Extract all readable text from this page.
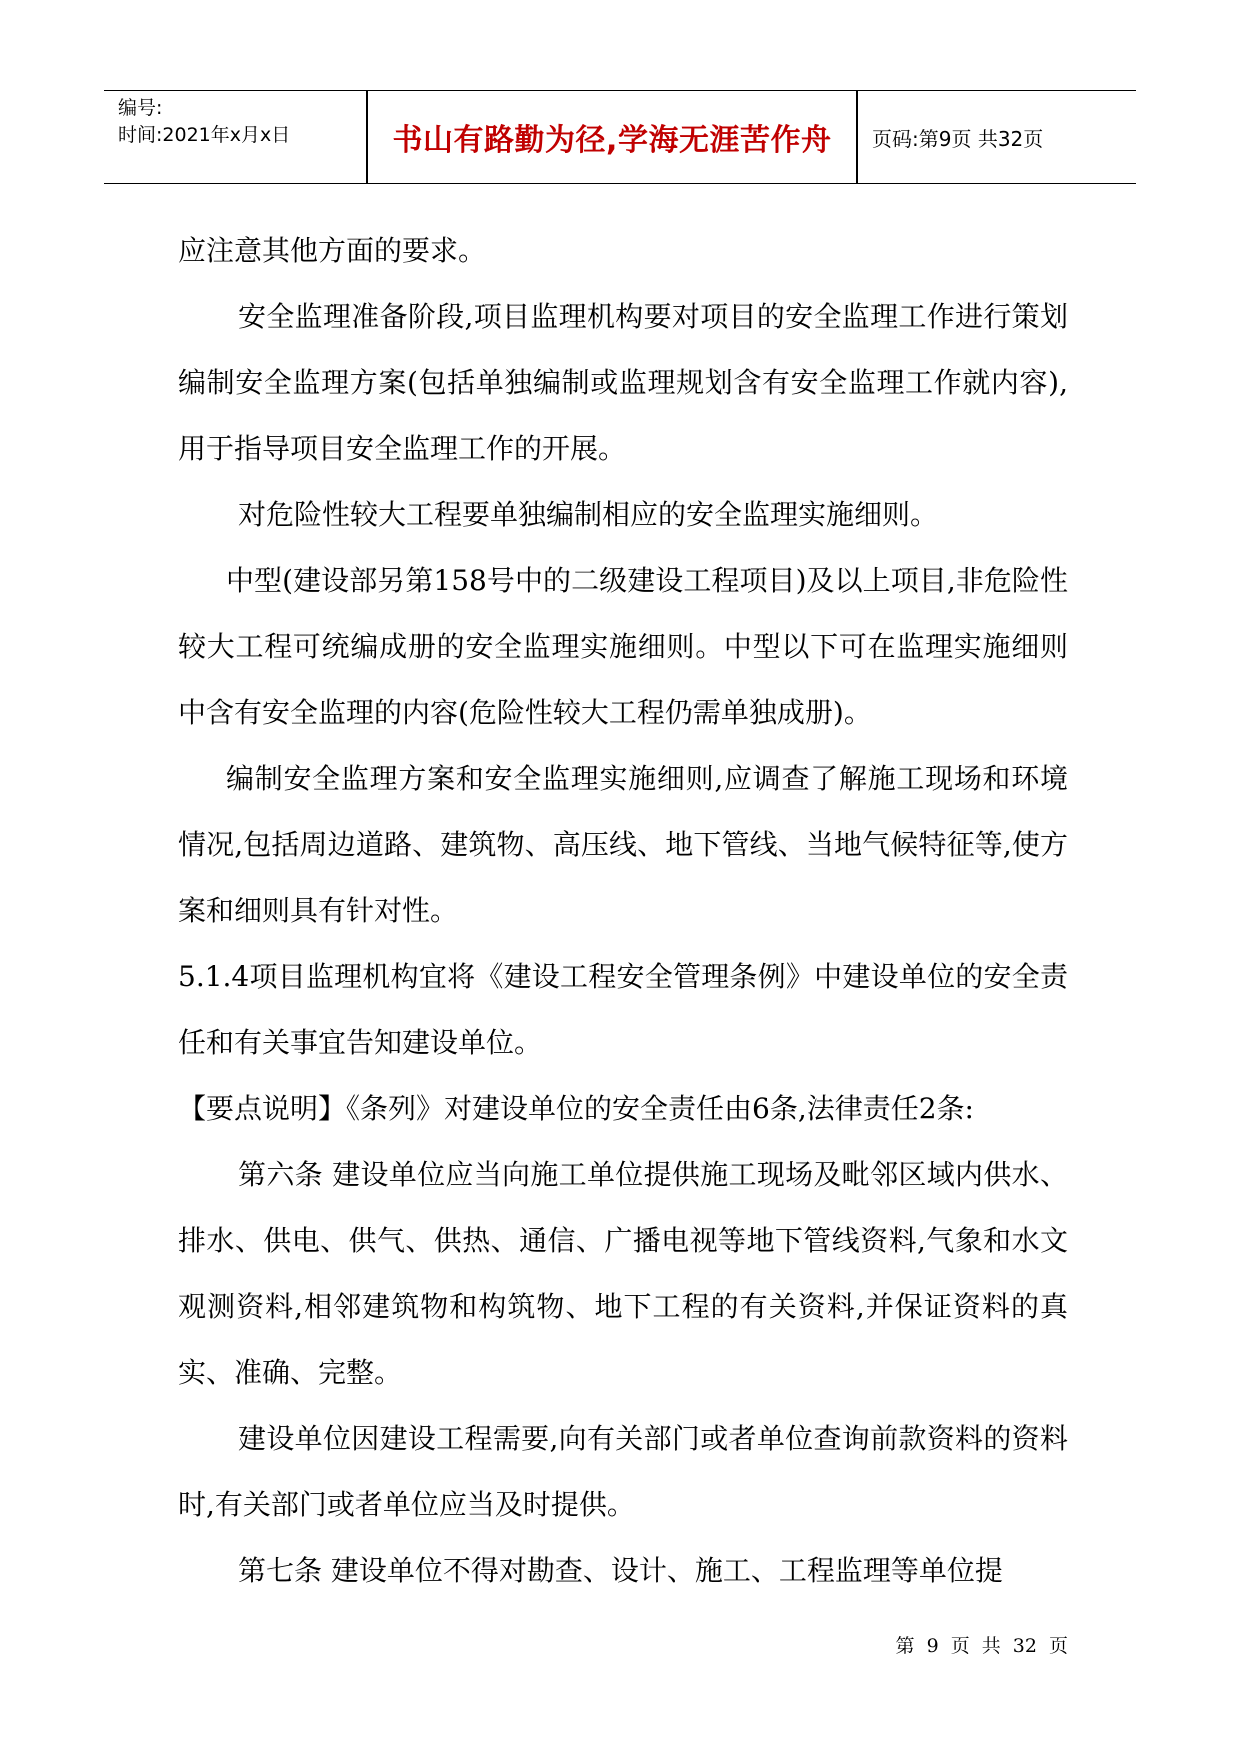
编号:
时间:2021年x月x日	书山有路勤为径,学海无涯苦作舟	页码:第9页 共32页

应注意其他方面的要求。

安全监理准备阶段,项目监理机构要对项目的安全监理工作进行策划编制安全监理方案(包括单独编制或监理规划含有安全监理工作就内容),用于指导项目安全监理工作的开展。

对危险性较大工程要单独编制相应的安全监理实施细则。

中型(建设部另第158号中的二级建设工程项目)及以上项目,非危险性较大工程可统编成册的安全监理实施细则。中型以下可在监理实施细则中含有安全监理的内容(危险性较大工程仍需单独成册)。

编制安全监理方案和安全监理实施细则,应调查了解施工现场和环境情况,包括周边道路、建筑物、高压线、地下管线、当地气候特征等,使方案和细则具有针对性。

5.1.4项目监理机构宜将《建设工程安全管理条例》中建设单位的安全责任和有关事宜告知建设单位。

【要点说明】《条列》对建设单位的安全责任由6条,法律责任2条:

第六条 建设单位应当向施工单位提供施工现场及毗邻区域内供水、排水、供电、供气、供热、通信、广播电视等地下管线资料,气象和水文观测资料,相邻建筑物和构筑物、地下工程的有关资料,并保证资料的真实、准确、完整。

建设单位因建设工程需要,向有关部门或者单位查询前款资料的资料时,有关部门或者单位应当及时提供。

第七条 建设单位不得对勘查、设计、施工、工程监理等单位提

第 9 页 共 32 页
